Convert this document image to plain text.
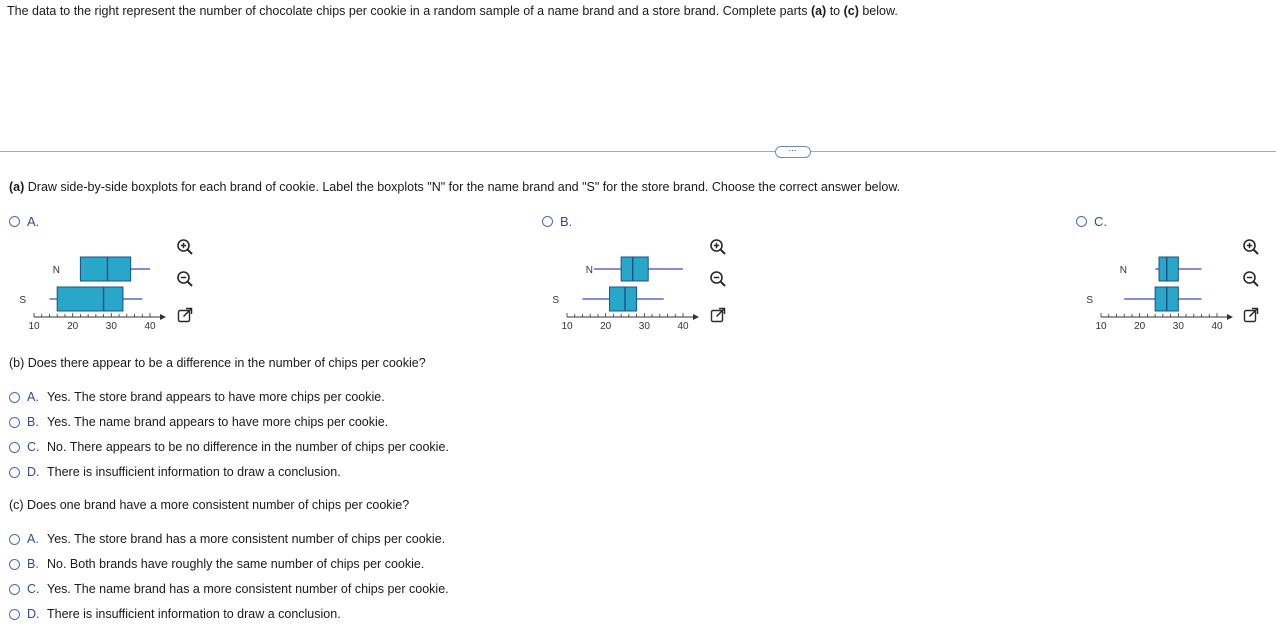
The data to the right represent the number of chocolate chips per cookie in a random sample of a name brand and a store brand. Complete parts (a) to (c) below.
⋯
(a) Draw side-by-side boxplots for each brand of cookie. Label the boxplots "N" for the name brand and "S" for the store brand. Choose the correct answer below.
A.
N
S
10	20	30	40
B.
N
S
10	20	30	40
C.
N
S
10	20	30	40
(b) Does there appear to be a difference in the number of chips per cookie?
A. Yes. The store brand appears to have more chips per cookie.
B. Yes. The name brand appears to have more chips per cookie.
C. No. There appears to be no difference in the number of chips per cookie.
D. There is insufficient information to draw a conclusion.
(c) Does one brand have a more consistent number of chips per cookie?
A. Yes. The store brand has a more consistent number of chips per cookie.
B. No. Both brands have roughly the same number of chips per cookie.
C. Yes. The name brand has a more consistent number of chips per cookie.
D. There is insufficient information to draw a conclusion.
